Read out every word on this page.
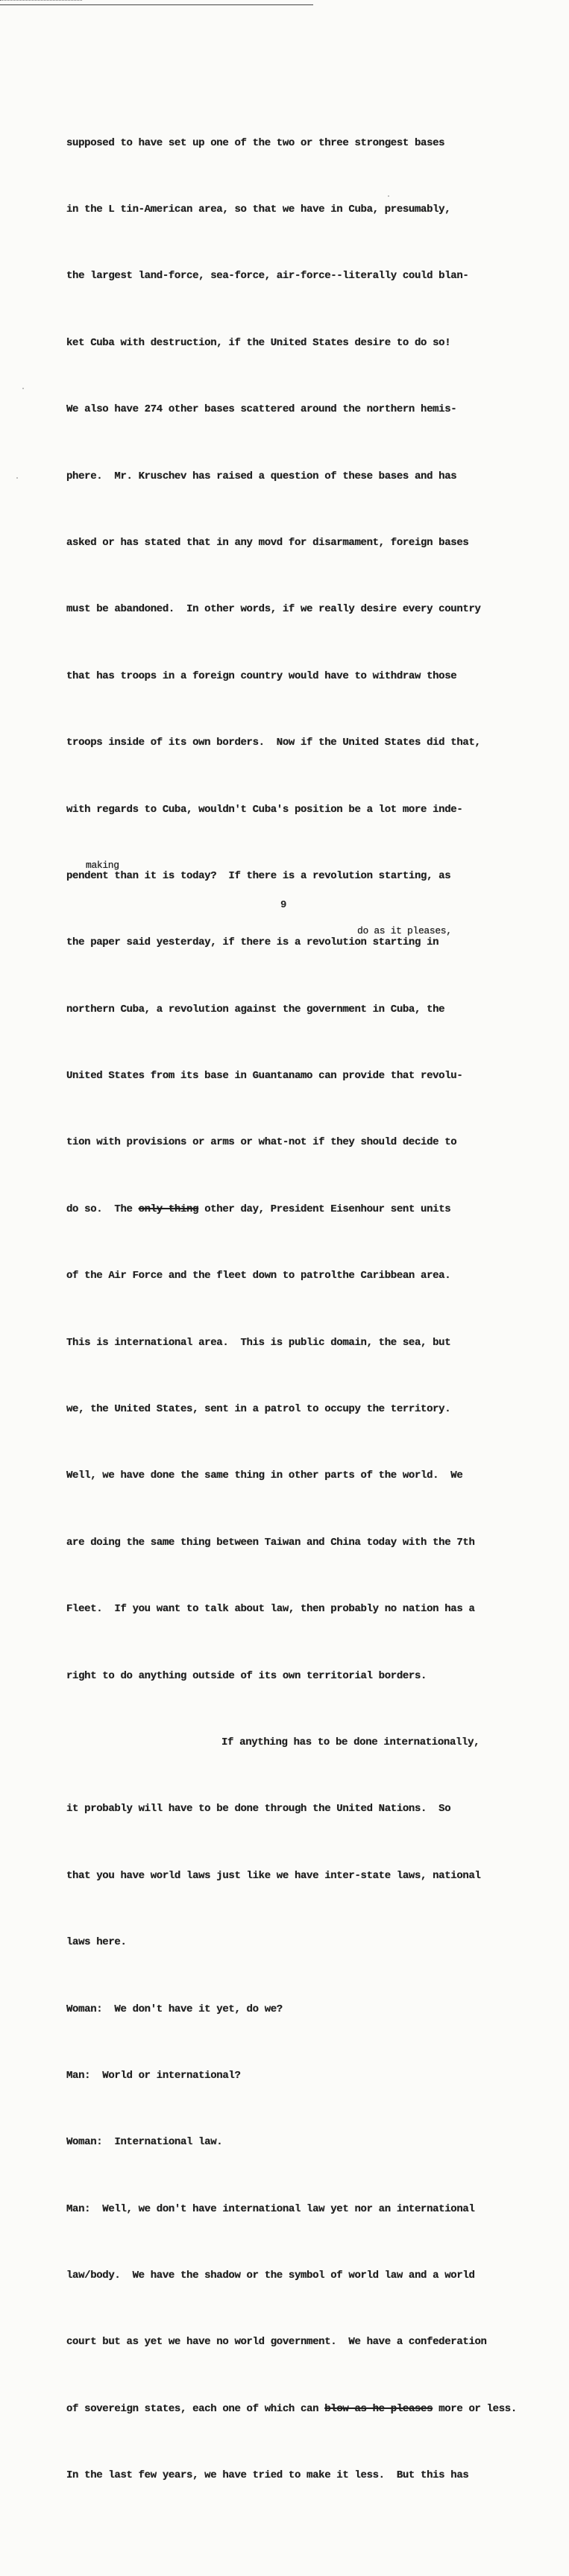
supposed to have set up one of the two or three strongest bases

in the L tin-American area, so that we have in Cuba, presumably,

the largest land-force, sea-force, air-force--literally could blan-

ket Cuba with destruction, if the United States desire to do so!

We also have 274 other bases scattered around the northern hemis-

phere.  Mr. Kruschev has raised a question of these bases and has

asked or has stated that in any movd for disarmament, foreign bases

must be abandoned.  In other words, if we really desire every country

that has troops in a foreign country would have to withdraw those

troops inside of its own borders.  Now if the United States did that,

with regards to Cuba, wouldn't Cuba's position be a lot more inde-

pendent than it is today?  If there is a revolution starting, as

the paper said yesterday, if there is a revolution starting in

northern Cuba, a revolution against the government in Cuba, the

United States from its base in Guantanamo can provide that revolu-

tion with provisions or arms or what-not if they should decide to

do so.  The only thing other day, President Eisenhour sent units

of the Air Force and the fleet down to patrolthe Caribbean area.

This is international area.  This is public domain, the sea, but

we, the United States, sent in a patrol to occupy the territory.

Well, we have done the same thing in other parts of the world.  We

are doing the same thing between Taiwan and China today with the 7th

Fleet.  If you want to talk about law, then probably no nation has a

right to do anything outside of its own territorial borders.

If anything has to be done internationally,

it probably will have to be done through the United Nations.  So

that you have world laws just like we have inter-state laws, national

laws here.

Woman:  We don't have it yet, do we?

Man:  World or international?

Woman:  International law.

Man:  Well, we don't have international law yet nor an international

law/body.  We have the shadow or the symbol of world law and a world

court but as yet we have no world government.  We have a confederation

of sovereign states, each one of which can blow as he pleases more or less.

In the last few years, we have tried to make it less.  But this has

making

do as it pleases,

9
